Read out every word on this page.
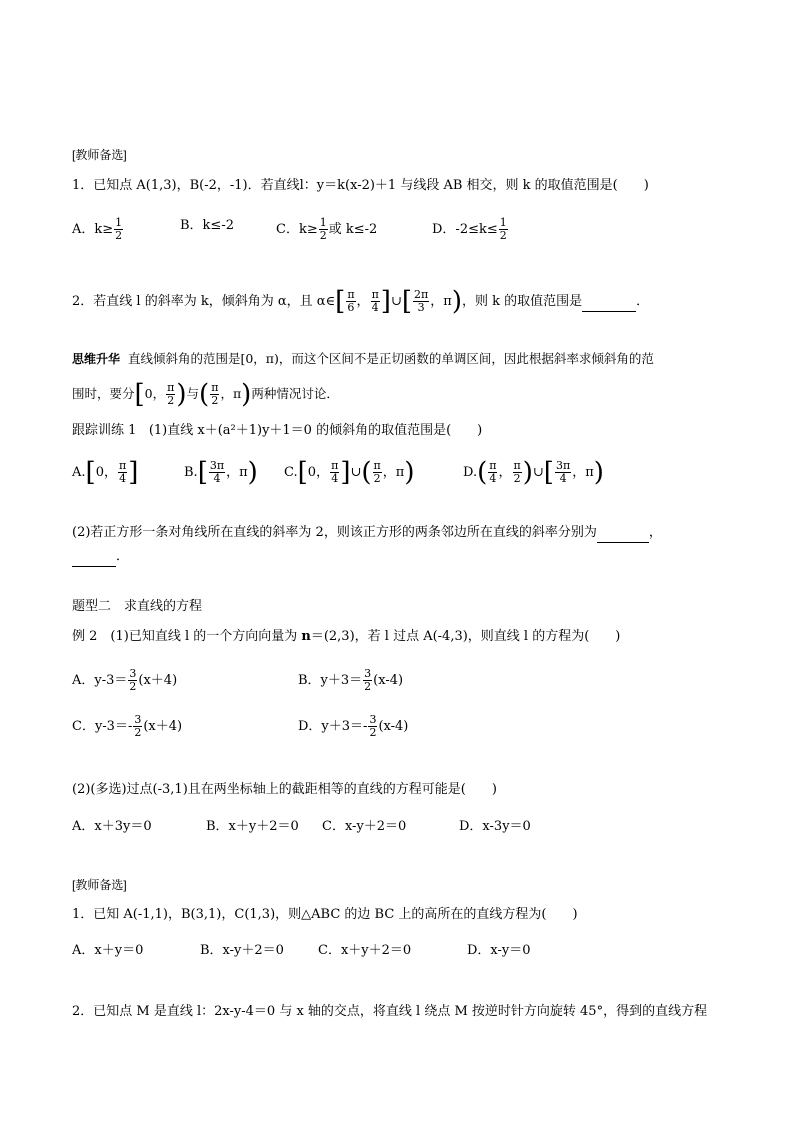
[教师备选]
1．已知点 A(1,3)，B(-2，-1)．若直线l：y＝k(x-2)＋1 与线段 AB 相交，则 k 的取值范围是(　　)
A．$k\ge \frac{1}{2}$	B．k≤-2	C．$k\ge \frac{1}{2}$ 或 k≤-2	D．$-2\le k\le \frac{1}{2}$
2．若直线 l 的斜率为 k，倾斜角为 α，且 α∈[ $\frac{\pi}{6}$ ， $\frac{\pi}{4}$ ]∪[ $\frac{2\pi}{3}$ ，π)，则 k 的取值范围是	．
思维升华 直线倾斜角的范围是[0，π)，而这个区间不是正切函数的单调区间，因此根据斜率求倾斜角的范
围时，要分[0， $\frac{\pi}{2}$ )与( $\frac{\pi}{2}$ ，π)两种情况讨论．
跟踪训练 1 (1)直线 x＋(a²＋1)y＋1＝0 的倾斜角的取值范围是(　　)
A.[0， $\frac{\pi}{4}$ ]	$B.[ \frac{3\pi}{4}$ ，π) C.[0， $\frac{\pi}{4}$ ]∪( $\frac{\pi}{2}$ ，π)	$D.( \frac{\pi}{4}$ ， $\frac{\pi}{2}$ )∪[ $\frac{3\pi}{4}$ ，π)
(2)若正方形一条对角线所在直线的斜率为 2，则该正方形的两条邻边所在直线的斜率分别为	，
．
题型二　求直线的方程
例 2　(1)已知直线 l 的一个方向向量为 n＝(2,3)，若 l 过点 A(-4,3)，则直线 l 的方程为(　　)
A．$y-3= \frac{3}{2} (x+4)$	B．$y+3= \frac{3}{2} (x-4)$
C．$y-3=- \frac{3}{2} (x+4)$	D．$y+3=- \frac{3}{2} (x-4)$
(2)(多选)过点(-3,1)且在两坐标轴上的截距相等的直线的方程可能是(　　)
A．x＋3y＝0	B．x＋y＋2＝0 C．x-y＋2＝0	D．x-3y＝0
[教师备选]
1．已知 A(-1,1)，B(3,1)，C(1,3)，则△ABC 的边 BC 上的高所在的直线方程为(　　)
A．x＋y＝0	B．x-y＋2＝0	C．x＋y＋2＝0	D．x-y＝0
2．已知点 M 是直线 l：2x-y-4＝0 与 x 轴的交点，将直线 l 绕点 M 按逆时针方向旋转 45°，得到的直线方程
